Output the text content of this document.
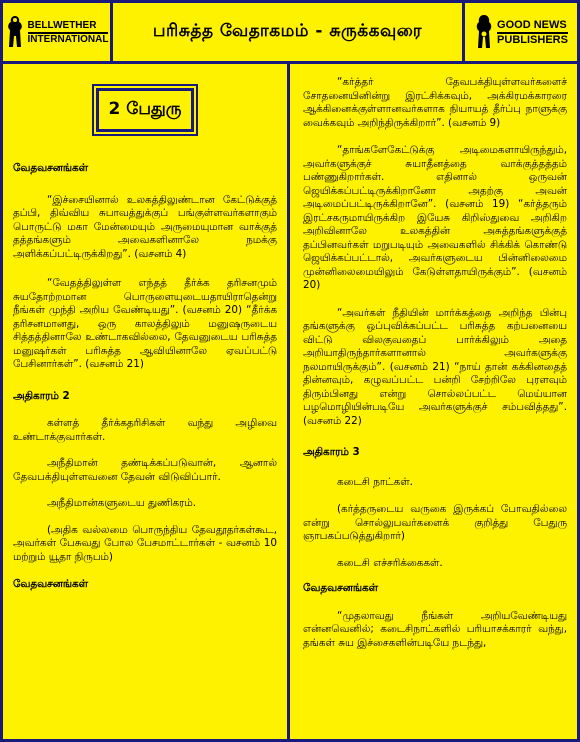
BELLWETHER
INTERNATIONAL	பரிசுத்த வேதாகமம் - சுருக்கவுரை	GOOD NEWS
PUBLISHERS
2 பேதுரு

வேதவசனங்கள்

“இச்சையினால் உலகத்திலுண்டான கேட்டுக்குத் தப்பி, திவ்விய சுபாவத்துக்குப் பங்குள்ளவர்களாகும் பொருட்டு மகா மேன்மையும் அருமையுமான வாக்குத் தத்தங்களும் அவைகளினாலே நமக்கு அளிக்கப்பட்டிருக்கிறது”. (வசனம் 4)

“வேதத்திலுள்ள எந்தத் தீர்க்க தரிசனமும் சுயதோற்றமான பொருளையுடையதாயிராதென்று நீங்கள் முந்தி அறிய வேண்டியது”. (வசனம் 20) “தீர்க்க தரிசனமானது, ஒரு காலத்திலும் மனுஷருடைய சித்தத்தினாலே உண்டாகவில்லை, தேவனுடைய பரிசுத்த மனுஷர்கள் பரிசுத்த ஆவியினாலே ஏவப்பட்டு பேசினார்கள்”. (வசனம் 21)

அதிகாரம் 2

கள்ளத் தீர்க்கதரிசிகள் வந்து அழிவை உண்டாக்குவார்கள்.

அநீதிமான் தண்டிக்கப்படுவான், ஆனால் தேவபக்தியுள்ளவனை தேவன் விடுவிப்பார்.

அநீதிமான்களுடைய துணிகரம்.

(அதிக வல்லமை பொருந்திய தேவதூதர்கள்கூட, அவர்கள் பேசுவது போல பேசமாட்டார்கள் - வசனம் 10 மற்றும் யூதா நிருபம்)

வேதவசனங்கள்

“கர்த்தர் தேவபக்தியுள்ளவர்களைச் சோதனையினின்று இரட்சிக்கவும், அக்கிரமக்காரரை ஆக்கினைக்குள்ளானவர்களாக நியாயத் தீர்ப்பு நாளுக்கு வைக்கவும் அறிந்திருக்கிறார்”. (வசனம் 9)

“தாங்களேகேட்டுக்கு அடிமைகளாயிருந்தும், அவர்களுக்குச் சுயாதீனத்தை வாக்குத்தத்தம் பண்ணுகிறார்கள். எதினால் ஒருவன் ஜெயிக்கப்பட்டிருக்கிறானோ அதற்கு அவன் அடிமைப்பட்டிருக்கிறானே”. (வசனம் 19) “கர்த்தரும் இரட்சகருமாயிருக்கிற இயேசு கிறிஸ்துவை அறிகிற அறிவினாலே உலகத்தின் அசுத்தங்களுக்குத் தப்பினவர்கள் மறுபடியும் அவைகளில் சிக்கிக் கொண்டு ஜெயிக்கப்பட்டால், அவர்களுடைய பின்னிலைமை முன்னிலைமையிலும் கேடுள்ளதாயிருக்கும்”. (வசனம் 20)

“அவர்கள் நீதியின் மார்க்கத்தை அறிந்த பின்பு தங்களுக்கு ஒப்புவிக்கப்பட்ட பரிசுத்த கற்பனையை விட்டு விலகுவதைப் பார்க்கிலும் அதை அறியாதிருந்தார்களானால் அவர்களுக்கு நலமாயிருக்கும்”. (வசனம் 21) “நாய் தான் கக்கினதைத் தின்னவும், கழுவப்பட்ட பன்றி சேற்றிலே புரளவும் திரும்பினது என்று சொல்லப்பட்ட மெய்யான பழமொழியின்படியே அவர்களுக்குச் சம்பவித்தது”. (வசனம் 22)

அதிகாரம் 3

கடைசி நாட்கள்.

(கர்த்தருடைய வருகை இருக்கப் போவதில்லை என்று சொல்லுபவர்களைக் குறித்து பேதுரு ஞாபகப்படுத்துகிறார்)

கடைசி எச்சரிக்கைகள்.

வேதவசனங்கள்

“முதலாவது நீங்கள் அறியவேண்டியது என்னவெனில்; கடைசிநாட்களில் பரியாசக்காரர் வந்து, தங்கள் சுய இச்சைகளின்படியே நடந்து,
